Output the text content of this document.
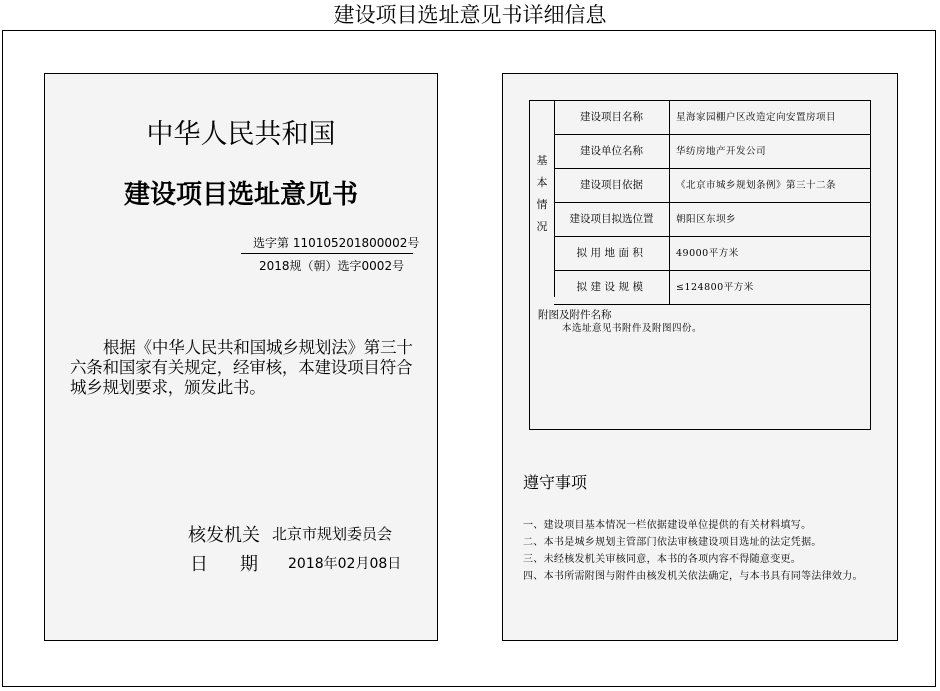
建设项目选址意见书详细信息
中华人民共和国
建设项目选址意见书
选字第 110105201800002号
2018规（朝）选字0002号
根据《中华人民共和国城乡规划法》第三十六条和国家有关规定，经审核，本建设项目符合城乡规划要求，颁发此书。
核发机关 北京市规划委员会
日期
2018年02月08日
基
本
情
况
建设项目名称	星海家园棚户区改造定向安置房项目
建设单位名称	华纺房地产开发公司
建设项目依据	《北京市城乡规划条例》第三十二条
建设项目拟选位置	朝阳区东坝乡
拟用地面积	49000平方米
拟建设规模	≤124800平方米
附图及附件名称
本选址意见书附件及附图四份。
遵守事项
一、建设项目基本情况一栏依据建设单位提供的有关材料填写。
二、本书是城乡规划主管部门依法审核建设项目选址的法定凭据。
三、未经核发机关审核同意，本书的各项内容不得随意变更。
四、本书所需附图与附件由核发机关依法确定，与本书具有同等法律效力。
